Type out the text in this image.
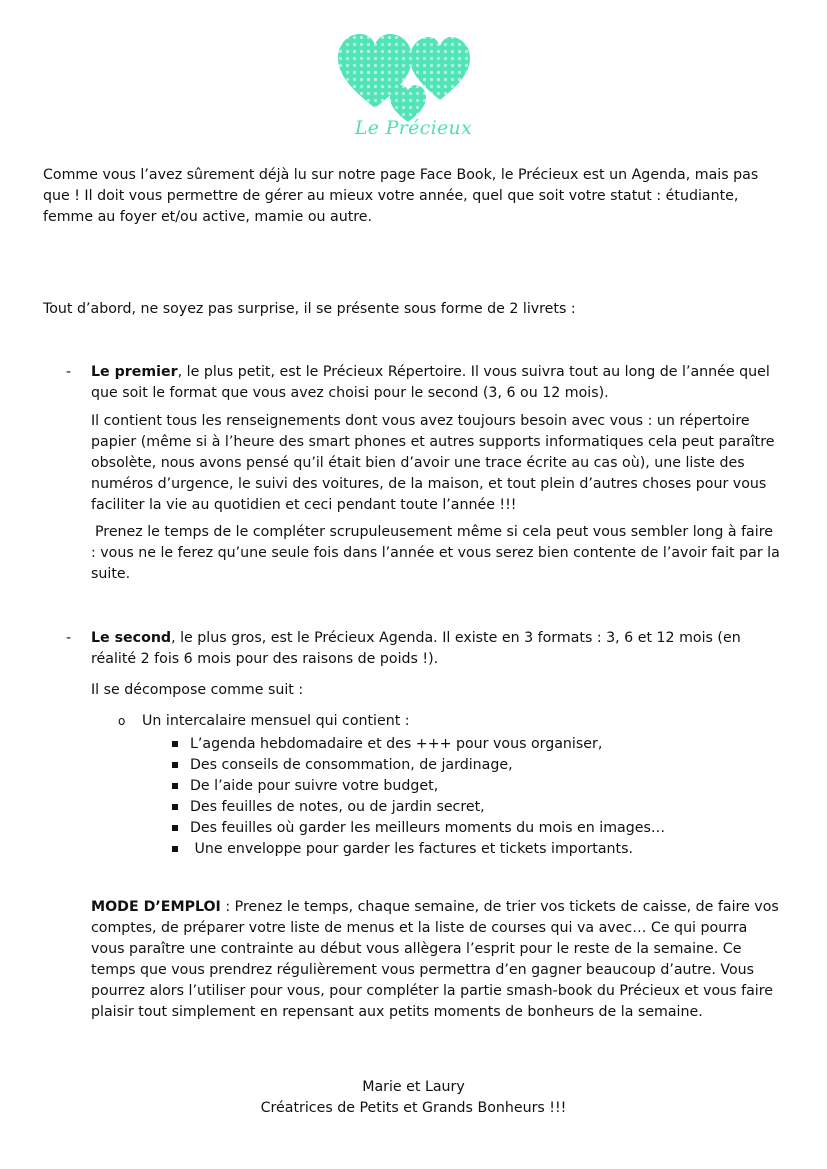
Le Précieux

Comme vous l’avez sûrement déjà lu sur notre page Face Book, le Précieux est un Agenda, mais pas que ! Il doit vous permettre de gérer au mieux votre année, quel que soit votre statut : étudiante, femme au foyer et/ou active, mamie ou autre.

Tout d’abord, ne soyez pas surprise, il se présente sous forme de 2 livrets :

- Le premier, le plus petit, est le Précieux Répertoire. Il vous suivra tout au long de l’année quel que soit le format que vous avez choisi pour le second (3, 6 ou 12 mois).

Il contient tous les renseignements dont vous avez toujours besoin avec vous : un répertoire papier (même si à l’heure des smart phones et autres supports informatiques cela peut paraître obsolète, nous avons pensé qu’il était bien d’avoir une trace écrite au cas où), une liste des numéros d’urgence, le suivi des voitures, de la maison, et tout plein d’autres choses pour vous faciliter la vie au quotidien et ceci pendant toute l’année !!!

Prenez le temps de le compléter scrupuleusement même si cela peut vous sembler long à faire : vous ne le ferez qu’une seule fois dans l’année et vous serez bien contente de l’avoir fait par la suite.

- Le second, le plus gros, est le Précieux Agenda. Il existe en 3 formats : 3, 6 et 12 mois (en réalité 2 fois 6 mois pour des raisons de poids !).

Il se décompose comme suit :

o Un intercalaire mensuel qui contient :

L’agenda hebdomadaire et des +++ pour vous organiser,
Des conseils de consommation, de jardinage,
De l’aide pour suivre votre budget,
Des feuilles de notes, ou de jardin secret,
Des feuilles où garder les meilleurs moments du mois en images…
Une enveloppe pour garder les factures et tickets importants.

MODE D’EMPLOI : Prenez le temps, chaque semaine, de trier vos tickets de caisse, de faire vos comptes, de préparer votre liste de menus et la liste de courses qui va avec… Ce qui pourra vous paraître une contrainte au début vous allègera l’esprit pour le reste de la semaine. Ce temps que vous prendrez régulièrement vous permettra d’en gagner beaucoup d’autre. Vous pourrez alors l’utiliser pour vous, pour compléter la partie smash-book du Précieux et vous faire plaisir tout simplement en repensant aux petits moments de bonheurs de la semaine.

Marie et Laury
Créatrices de Petits et Grands Bonheurs !!!
